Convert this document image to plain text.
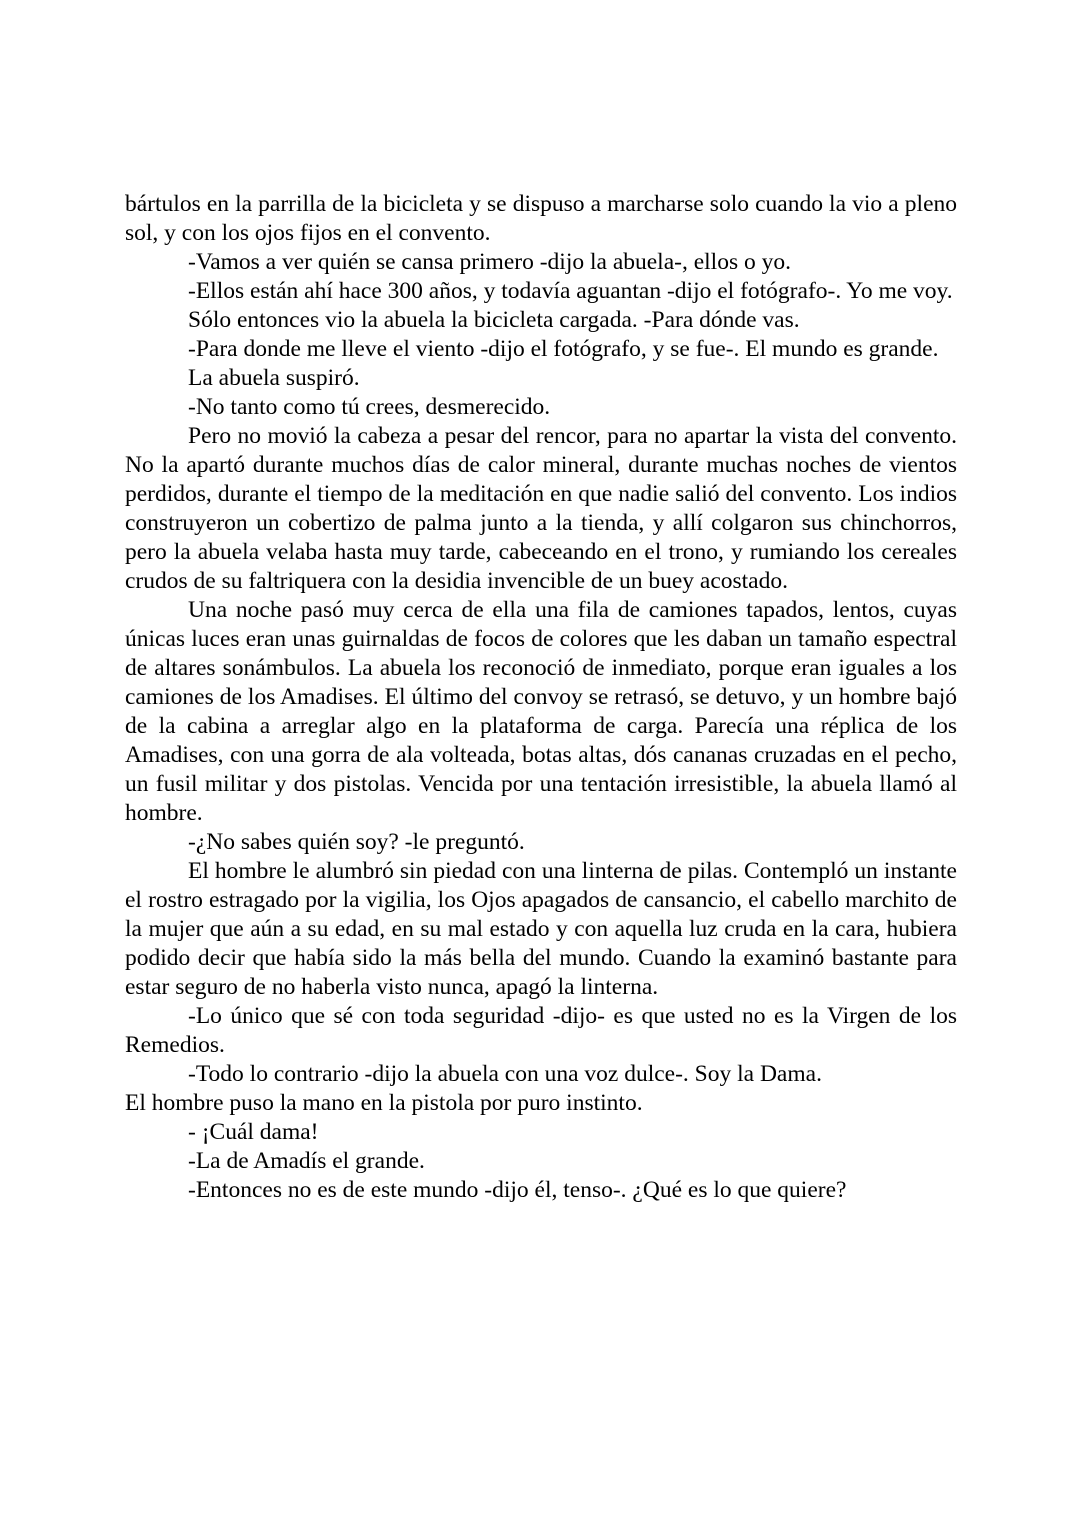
bártulos en la parrilla de la bicicleta y se dispuso a marcharse solo cuando la vio a pleno sol, y con los ojos fijos en el convento.

-Vamos a ver quién se cansa primero -dijo la abuela-, ellos o yo.

-Ellos están ahí hace 300 años, y todavía aguantan -dijo el fotógrafo-. Yo me voy.

Sólo entonces vio la abuela la bicicleta cargada. -Para dónde vas.

-Para donde me lleve el viento -dijo el fotógrafo, y se fue-. El mundo es grande.

La abuela suspiró.

-No tanto como tú crees, desmerecido.

Pero no movió la cabeza a pesar del rencor, para no apartar la vista del convento. No la apartó durante muchos días de calor mineral, durante muchas noches de vientos perdidos, durante el tiempo de la meditación en que nadie salió del convento. Los indios construyeron un cobertizo de palma junto a la tienda, y allí colgaron sus chinchorros, pero la abuela velaba hasta muy tarde, cabeceando en el trono, y rumiando los cereales crudos de su faltriquera con la desidia invencible de un buey acostado.

Una noche pasó muy cerca de ella una fila de camiones tapados, lentos, cuyas únicas luces eran unas guirnaldas de focos de colores que les daban un tamaño espectral de altares sonámbulos. La abuela los reconoció de inmediato, porque eran iguales a los camiones de los Amadises. El último del convoy se retrasó, se detuvo, y un hombre bajó de la cabina a arreglar algo en la plataforma de carga. Parecía una réplica de los Amadises, con una gorra de ala volteada, botas altas, dós cananas cruzadas en el pecho, un fusil militar y dos pistolas. Vencida por una tentación irresistible, la abuela llamó al hombre.

-¿No sabes quién soy? -le preguntó.

El hombre le alumbró sin piedad con una linterna de pilas. Contempló un instante el rostro estragado por la vigilia, los Ojos apagados de cansancio, el cabello marchito de la mujer que aún a su edad, en su mal estado y con aquella luz cruda en la cara, hubiera podido decir que había sido la más bella del mundo. Cuando la examinó bastante para estar seguro de no haberla visto nunca, apagó la linterna.

-Lo único que sé con toda seguridad -dijo- es que usted no es la Virgen de los Remedios.

-Todo lo contrario -dijo la abuela con una voz dulce-. Soy la Dama.

El hombre puso la mano en la pistola por puro instinto.

- ¡Cuál dama!

-La de Amadís el grande.

-Entonces no es de este mundo -dijo él, tenso-. ¿Qué es lo que quiere?
